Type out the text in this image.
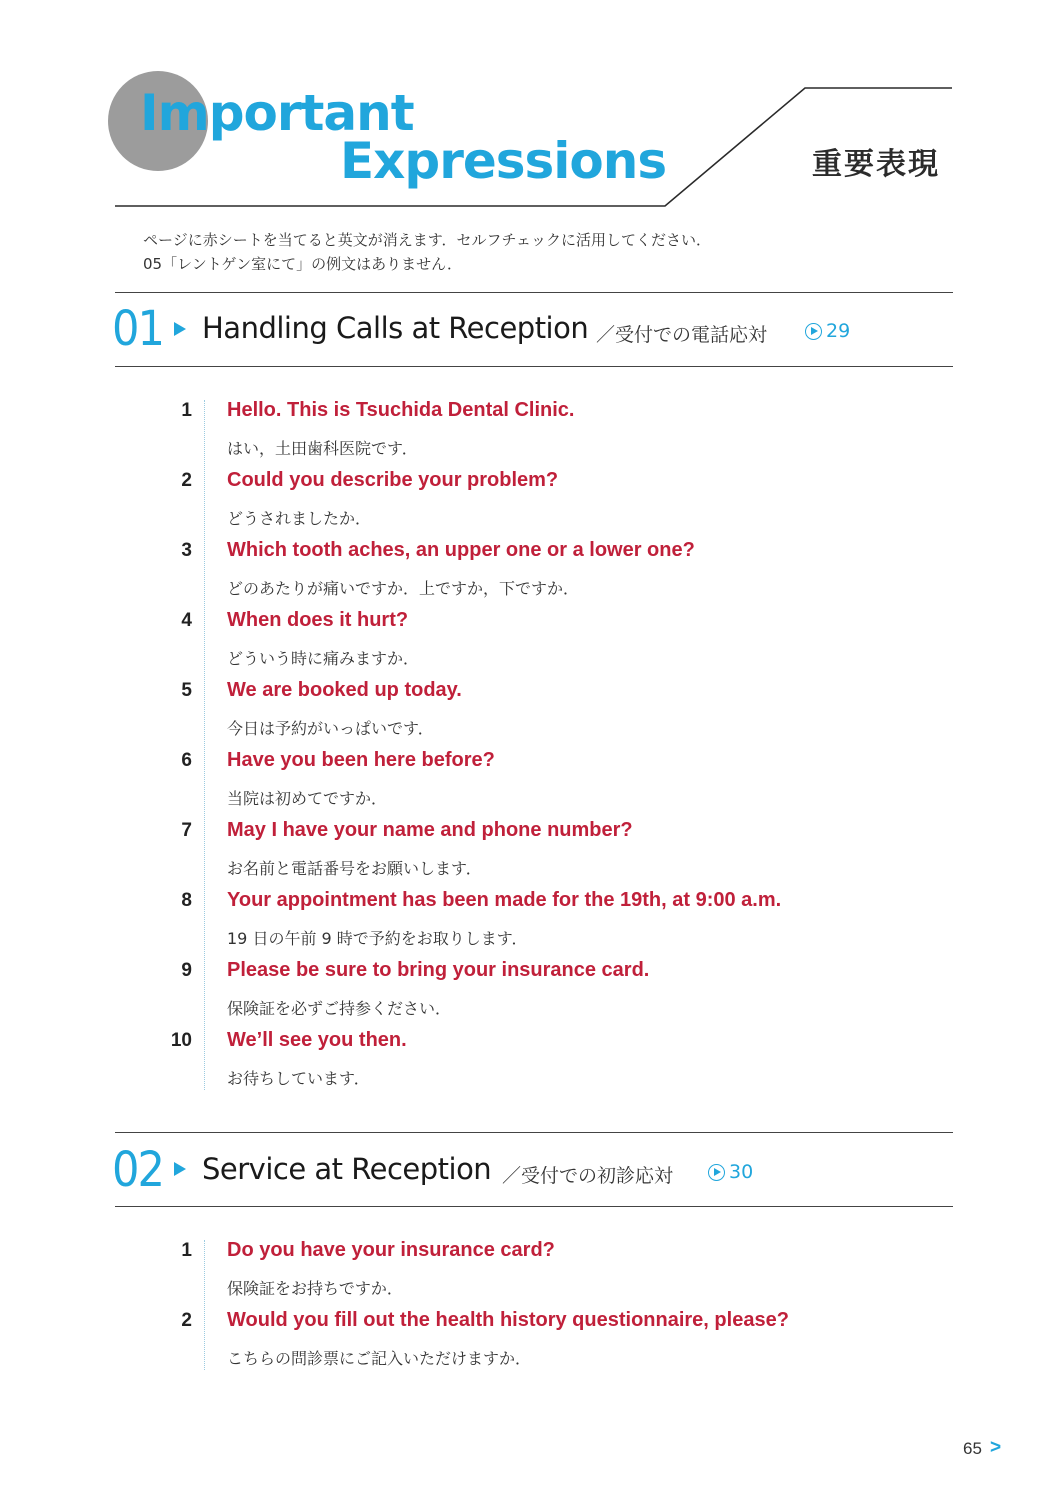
Important
Expressions	重要表現
ページに赤シートを当てると英文が消えます．セルフチェックに活用してください．
05「レントゲン室にて」の例文はありません．
01 Handling Calls at Reception ／受付での電話応対	29
1 Hello. This is Tsuchida Dental Clinic.
はい，土田歯科医院です．
2 Could you describe your problem?
どうされましたか．
3 Which tooth aches, an upper one or a lower one?
どのあたりが痛いですか．上ですか，下ですか．
4 When does it hurt?
どういう時に痛みますか．
5 We are booked up today.
今日は予約がいっぱいです．
6 Have you been here before?
当院は初めてですか．
7 May I have your name and phone number?
お名前と電話番号をお願いします．
8 Your appointment has been made for the 19th, at 9:00 a.m.
19 日の午前 9 時で予約をお取りします．
9 Please be sure to bring your insurance card.
保険証を必ずご持参ください．
10 We’ll see you then.
お待ちしています．
02 Service at Reception ／受付での初診応対	30
1 Do you have your insurance card?
保険証をお持ちですか．
2 Would you fill out the health history questionnaire, please?
こちらの問診票にご記入いただけますか．
65 >
